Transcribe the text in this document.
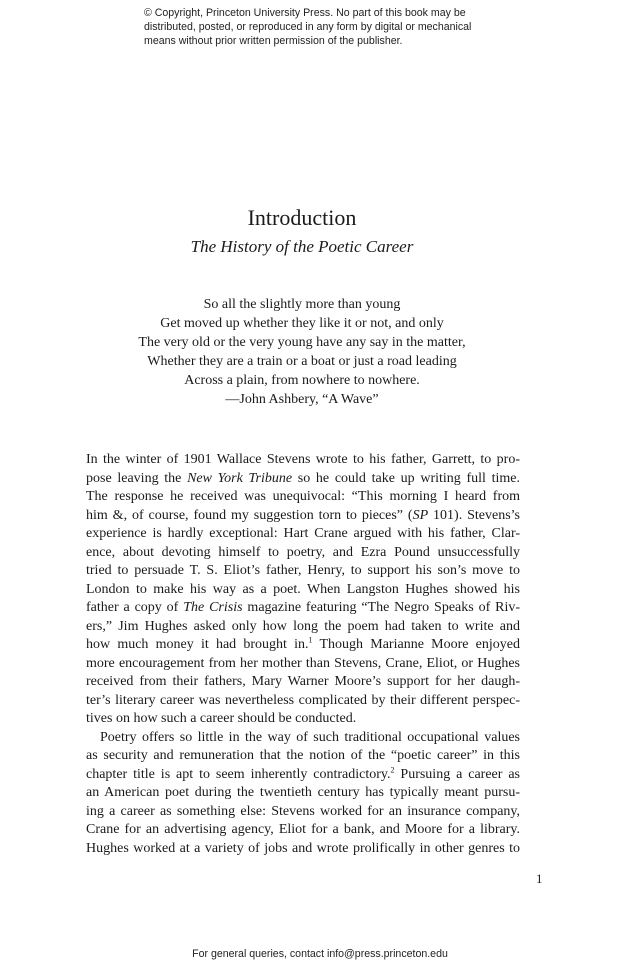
© Copyright, Princeton University Press. No part of this book may be
distributed, posted, or reproduced in any form by digital or mechanical
means without prior written permission of the publisher.
Introduction
The History of the Poetic Career
So all the slightly more than young
Get moved up whether they like it or not, and only
The very old or the very young have any say in the matter,
Whether they are a train or a boat or just a road leading
Across a plain, from nowhere to nowhere.
—John Ashbery, “A Wave”
In the winter of 1901 Wallace Stevens wrote to his father, Garrett, to pro-
pose leaving the New York Tribune so he could take up writing full time.
The response he received was unequivocal: “This morning I heard from
him &, of course, found my suggestion torn to pieces” (SP 101). Stevens’s
experience is hardly exceptional: Hart Crane argued with his father, Clar-
ence, about devoting himself to poetry, and Ezra Pound unsuccessfully
tried to persuade T. S. Eliot’s father, Henry, to support his son’s move to
London to make his way as a poet. When Langston Hughes showed his
father a copy of The Crisis magazine featuring “The Negro Speaks of Riv-
ers,” Jim Hughes asked only how long the poem had taken to write and
how much money it had brought in.$^1$ Though Marianne Moore enjoyed
more encouragement from her mother than Stevens, Crane, Eliot, or Hughes
received from their fathers, Mary Warner Moore’s support for her daugh-
ter’s literary career was nevertheless complicated by their different perspec-
tives on how such a career should be conducted.
Poetry offers so little in the way of such traditional occupational values
as security and remuneration that the notion of the “poetic career” in this
chapter title is apt to seem inherently contradictory.$^2$ Pursuing a career as
an American poet during the twentieth century has typically meant pursu-
ing a career as something else: Stevens worked for an insurance company,
Crane for an advertising agency, Eliot for a bank, and Moore for a library.
Hughes worked at a variety of jobs and wrote prolifically in other genres to
1
For general queries, contact info@press.princeton.edu
